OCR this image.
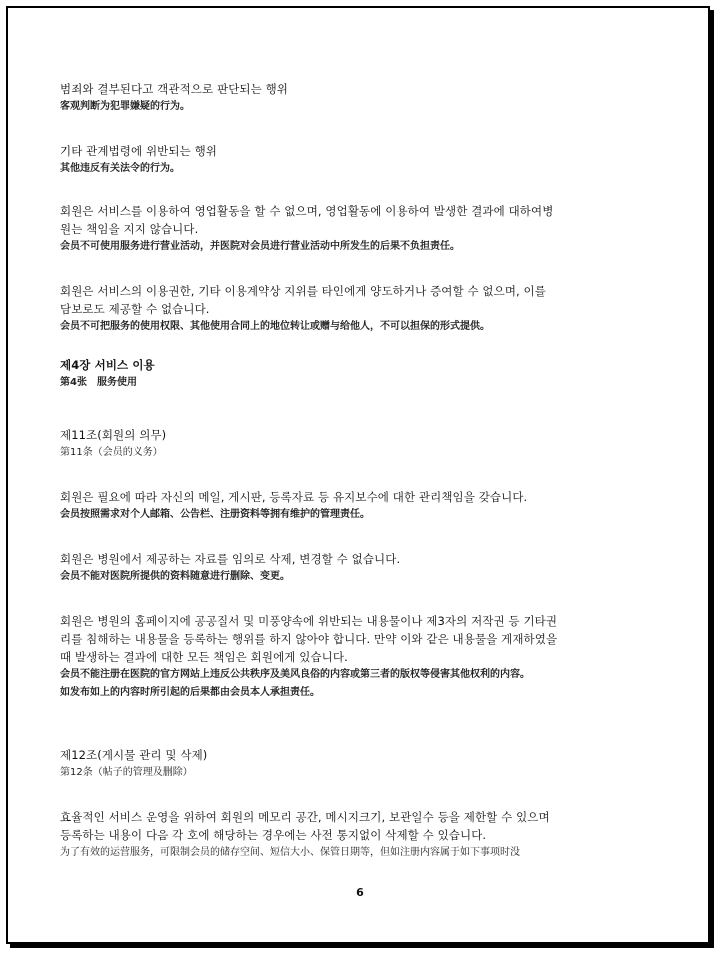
범죄와 결부된다고 객관적으로 판단되는 행위
客观判断为犯罪嫌疑的行为。
기타 관계법령에 위반되는 행위
其他违反有关法令的行为。
회원은 서비스를 이용하여 영업활동을 할 수 없으며, 영업활동에 이용하여 발생한 결과에 대하여병
원는 책임을 지지 않습니다.
会员不可使用服务进行营业活动，并医院对会员进行营业活动中所发生的后果不负担责任。
회원은 서비스의 이용권한, 기타 이용계약상 지위를 타인에게 양도하거나 증여할 수 없으며, 이를
담보로도 제공할 수 없습니다.
会员不可把服务的使用权限、其他使用合同上的地位转让或赠与给他人，不可以担保的形式提供。
제4장 서비스 이용
第4张　服务使用
제11조(회원의 의무)
第11条（会员的义务）
회원은 필요에 따라 자신의 메일, 게시판, 등록자료 등 유지보수에 대한 관리책임을 갖습니다.
会员按照需求对个人邮箱、公告栏、注册资料等拥有维护的管理责任。
회원은 병원에서 제공하는 자료를 임의로 삭제, 변경할 수 없습니다.
会员不能对医院所提供的资料随意进行删除、变更。
회원은 병원의 홈페이지에 공공질서 및 미풍양속에 위반되는 내용물이나 제3자의 저작권 등 기타권
리를 침해하는 내용물을 등록하는 행위를 하지 않아야 합니다. 만약 이와 같은 내용물을 게재하였을
때 발생하는 결과에 대한 모든 책임은 회원에게 있습니다.
会员不能注册在医院的官方网站上违反公共秩序及美风良俗的内容或第三者的版权等侵害其他权利的内容。
如发布如上的内容时所引起的后果都由会员本人承担责任。
제12조(게시물 관리 및 삭제)
第12条（帖子的管理及删除）
효율적인 서비스 운영을 위하여 회원의 메모리 공간, 메시지크기, 보관일수 등을 제한할 수 있으며
등록하는 내용이 다음 각 호에 해당하는 경우에는 사전 통지없이 삭제할 수 있습니다.
为了有效的运营服务，可限制会员的储存空间、短信大小、保管日期等，但如注册内容属于如下事项时没
6
